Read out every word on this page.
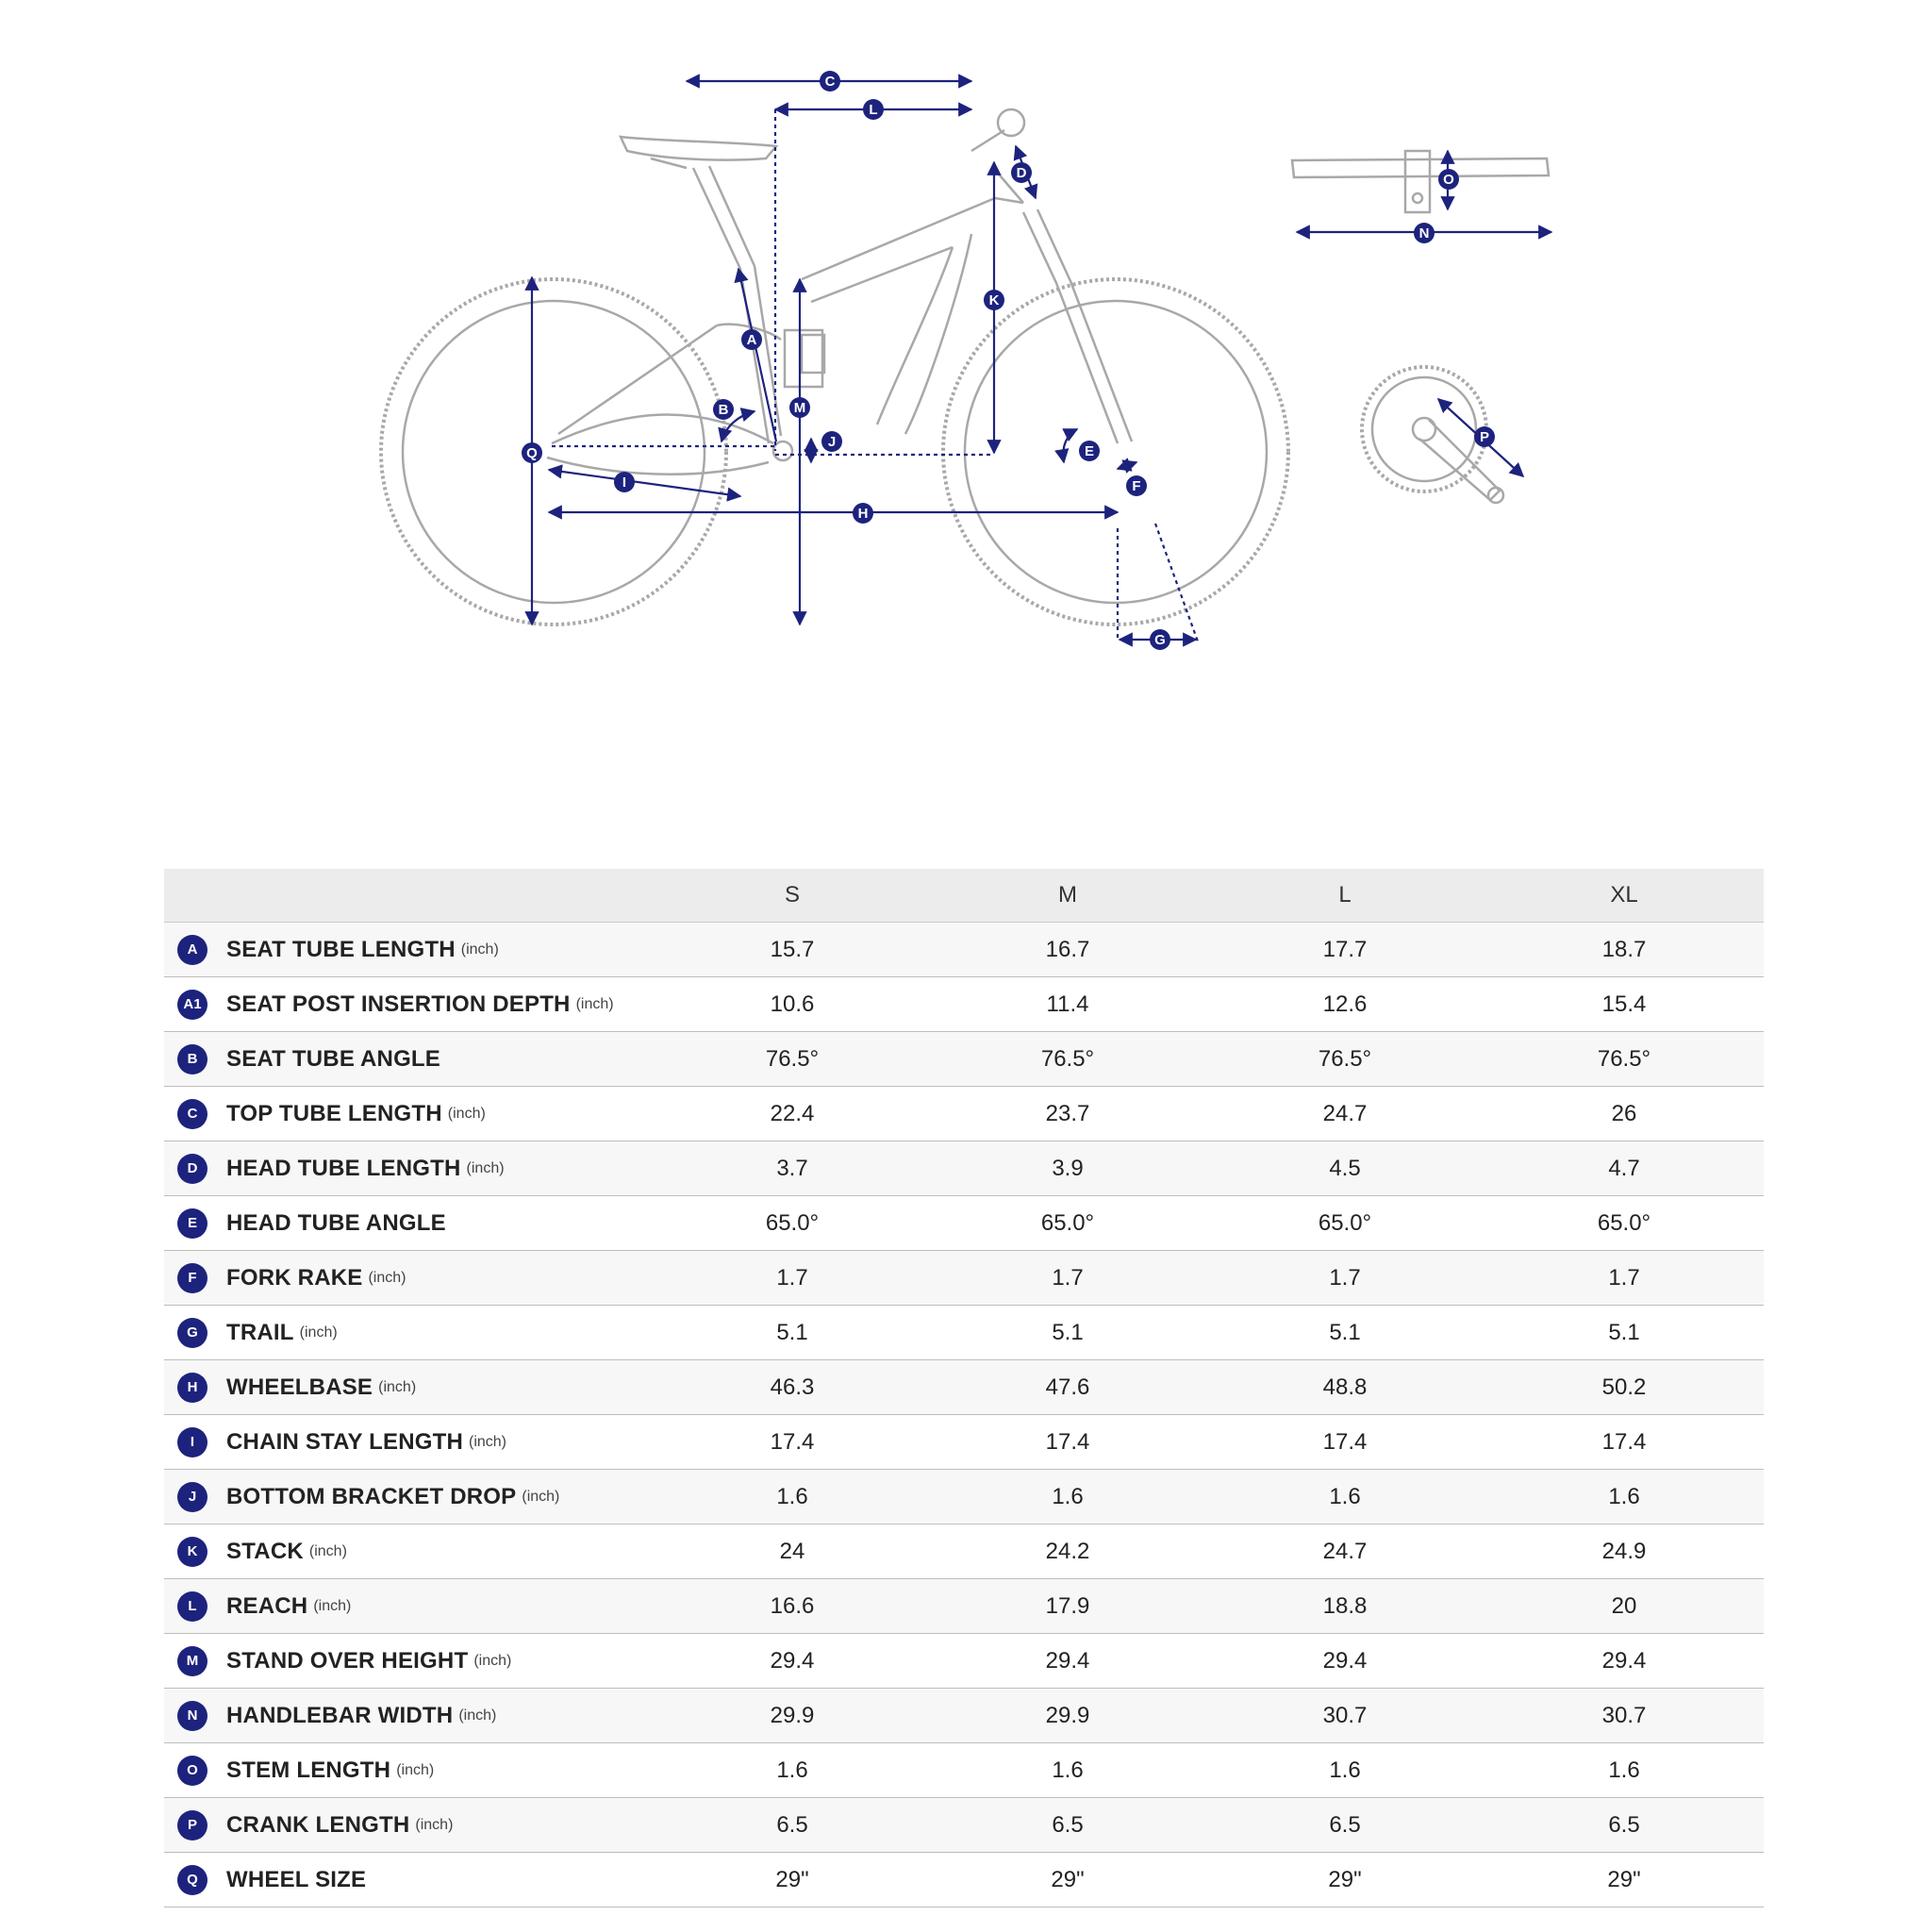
C
L
D
K
A
M
B
J
Q
I
H
E
F
G
O
N
P
	S	M	L	XL
A SEAT TUBE LENGTH (inch)	15.7	16.7	17.7	18.7
A1 SEAT POST INSERTION DEPTH (inch)	10.6	11.4	12.6	15.4
B SEAT TUBE ANGLE	76.5°	76.5°	76.5°	76.5°
C TOP TUBE LENGTH (inch)	22.4	23.7	24.7	26
D HEAD TUBE LENGTH (inch)	3.7	3.9	4.5	4.7
E HEAD TUBE ANGLE	65.0°	65.0°	65.0°	65.0°
F FORK RAKE (inch)	1.7	1.7	1.7	1.7
G TRAIL (inch)	5.1	5.1	5.1	5.1
H WHEELBASE (inch)	46.3	47.6	48.8	50.2
I CHAIN STAY LENGTH (inch)	17.4	17.4	17.4	17.4
J BOTTOM BRACKET DROP (inch)	1.6	1.6	1.6	1.6
K STACK (inch)	24	24.2	24.7	24.9
L REACH (inch)	16.6	17.9	18.8	20
M STAND OVER HEIGHT (inch)	29.4	29.4	29.4	29.4
N HANDLEBAR WIDTH (inch)	29.9	29.9	30.7	30.7
O STEM LENGTH (inch)	1.6	1.6	1.6	1.6
P CRANK LENGTH (inch)	6.5	6.5	6.5	6.5
Q WHEEL SIZE	29"	29"	29"	29"
